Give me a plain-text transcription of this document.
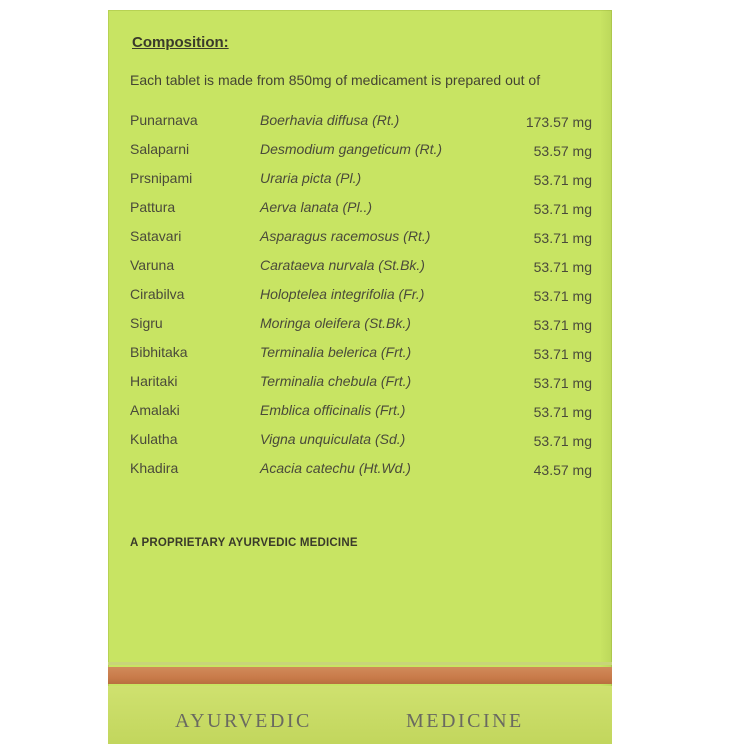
Composition:
Each tablet is made from 850mg of medicament is prepared out of
Punarnava	Boerhavia diffusa (Rt.)	173.57 mg
Salaparni	Desmodium gangeticum (Rt.)	53.57 mg
Prsnipami	Uraria picta (Pl.)	53.71 mg
Pattura	Aerva lanata (Pl..)	53.71 mg
Satavari	Asparagus racemosus (Rt.)	53.71 mg
Varuna	Carataeva nurvala (St.Bk.)	53.71 mg
Cirabilva	Holoptelea integrifolia (Fr.)	53.71 mg
Sigru	Moringa oleifera (St.Bk.)	53.71 mg
Bibhitaka	Terminalia belerica (Frt.)	53.71 mg
Haritaki	Terminalia chebula (Frt.)	53.71 mg
Amalaki	Emblica officinalis (Frt.)	53.71 mg
Kulatha	Vigna unquiculata (Sd.)	53.71 mg
Khadira	Acacia catechu (Ht.Wd.)	43.57 mg
A PROPRIETARY AYURVEDIC MEDICINE
AYURVEDIC	MEDICINE
